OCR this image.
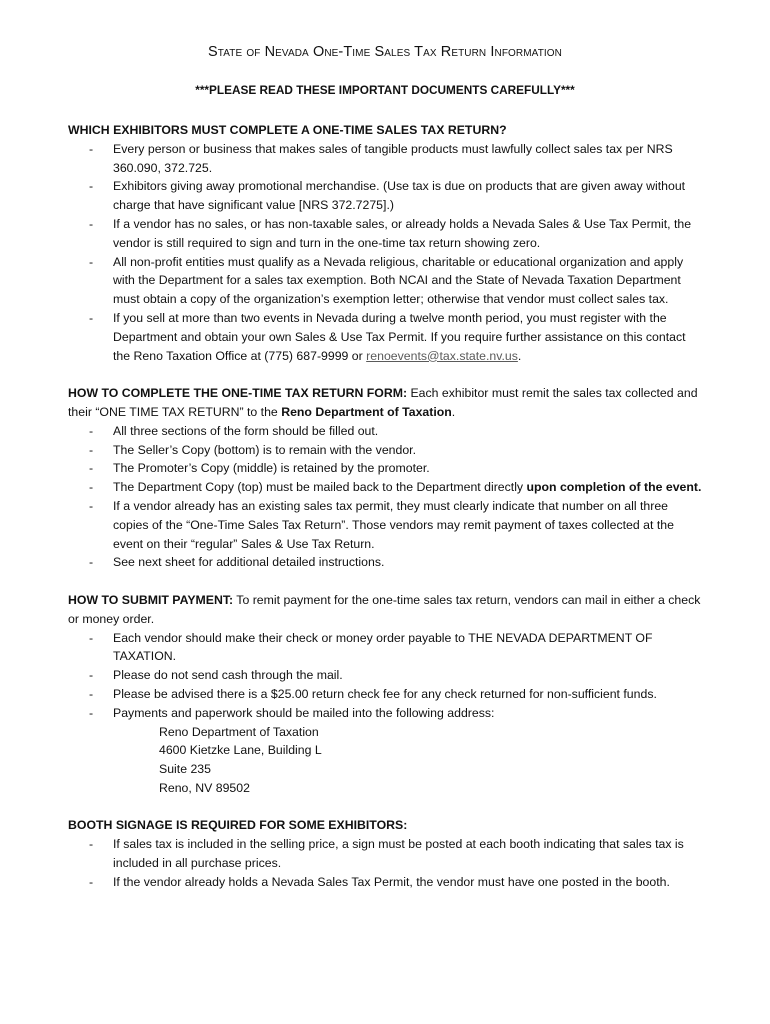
State of Nevada One-Time Sales Tax Return Information
***PLEASE READ THESE IMPORTANT DOCUMENTS CAREFULLY***

WHICH EXHIBITORS MUST COMPLETE A ONE-TIME SALES TAX RETURN?

- Every person or business that makes sales of tangible products must lawfully collect sales tax per NRS 360.090, 372.725.
- Exhibitors giving away promotional merchandise. (Use tax is due on products that are given away without charge that have significant value [NRS 372.7275].)
- If a vendor has no sales, or has non-taxable sales, or already holds a Nevada Sales & Use Tax Permit, the vendor is still required to sign and turn in the one-time tax return showing zero.
- All non-profit entities must qualify as a Nevada religious, charitable or educational organization and apply with the Department for a sales tax exemption. Both NCAI and the State of Nevada Taxation Department must obtain a copy of the organization’s exemption letter; otherwise that vendor must collect sales tax.
- If you sell at more than two events in Nevada during a twelve month period, you must register with the Department and obtain your own Sales & Use Tax Permit. If you require further assistance on this contact the Reno Taxation Office at (775) 687-9999 or renoevents@tax.state.nv.us.

HOW TO COMPLETE THE ONE-TIME TAX RETURN FORM: Each exhibitor must remit the sales tax collected and their “ONE TIME TAX RETURN” to the Reno Department of Taxation.

- All three sections of the form should be filled out.
- The Seller’s Copy (bottom) is to remain with the vendor.
- The Promoter’s Copy (middle) is retained by the promoter.
- The Department Copy (top) must be mailed back to the Department directly upon completion of the event.
- If a vendor already has an existing sales tax permit, they must clearly indicate that number on all three copies of the “One-Time Sales Tax Return”. Those vendors may remit payment of taxes collected at the event on their “regular” Sales & Use Tax Return.
- See next sheet for additional detailed instructions.

HOW TO SUBMIT PAYMENT: To remit payment for the one-time sales tax return, vendors can mail in either a check or money order.

- Each vendor should make their check or money order payable to THE NEVADA DEPARTMENT OF TAXATION.
- Please do not send cash through the mail.
- Please be advised there is a $25.00 return check fee for any check returned for non-sufficient funds.
- Payments and paperwork should be mailed into the following address:
Reno Department of Taxation
4600 Kietzke Lane, Building L
Suite 235
Reno, NV 89502

BOOTH SIGNAGE IS REQUIRED FOR SOME EXHIBITORS:

- If sales tax is included in the selling price, a sign must be posted at each booth indicating that sales tax is included in all purchase prices.
- If the vendor already holds a Nevada Sales Tax Permit, the vendor must have one posted in the booth.
